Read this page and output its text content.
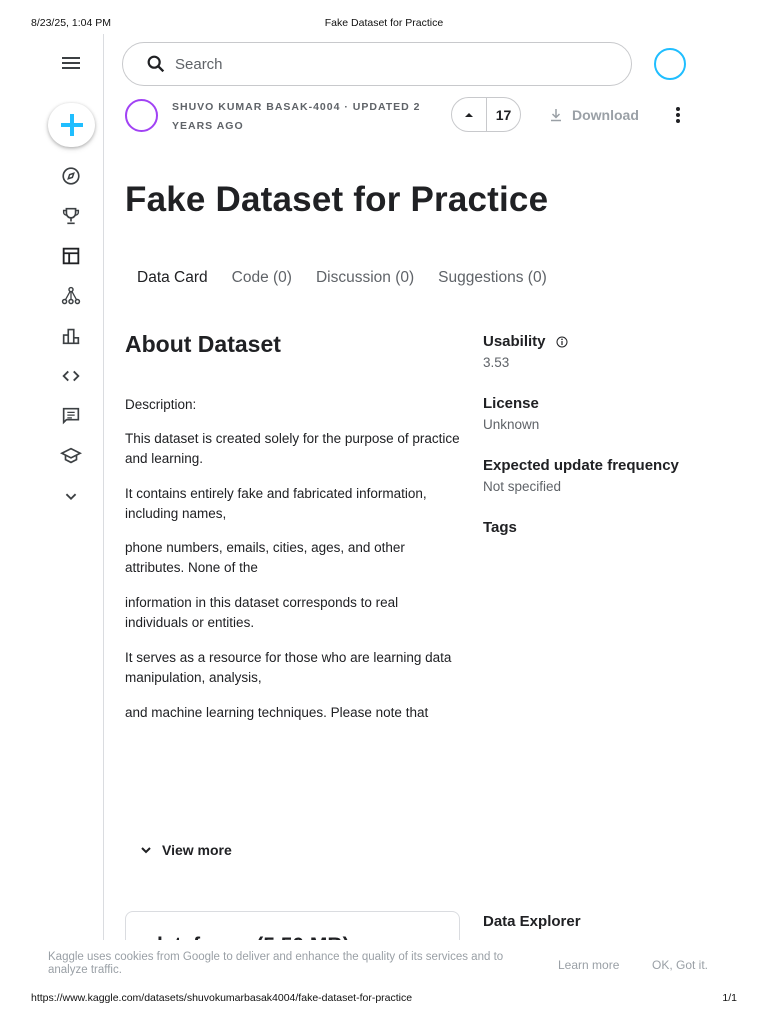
8/23/25, 1:04 PM	Fake Dataset for Practice
https://www.kaggle.com/datasets/shuvokumarbasak4004/fake-dataset-for-practice	1/1
Search
SHUVO KUMAR BASAK-4004 · UPDATED 2 YEARS AGO
17	Download
Fake Dataset for Practice
Data Card	Code (0)	Discussion (0)	Suggestions (0)
About Dataset

Description:

This dataset is created solely for the purpose of practice and learning.

It contains entirely fake and fabricated information, including names,

phone numbers, emails, cities, ages, and other attributes. None of the

information in this dataset corresponds to real individuals or entities.

It serves as a resource for those who are learning data manipulation, analysis,

and machine learning techniques. Please note that

View more
Usability
3.53
License
Unknown
Expected update frequency
Not specified
Tags
Data Explorer
Kaggle uses cookies from Google to deliver and enhance the quality of its services and to analyze traffic.	Learn more	OK, Got it.
